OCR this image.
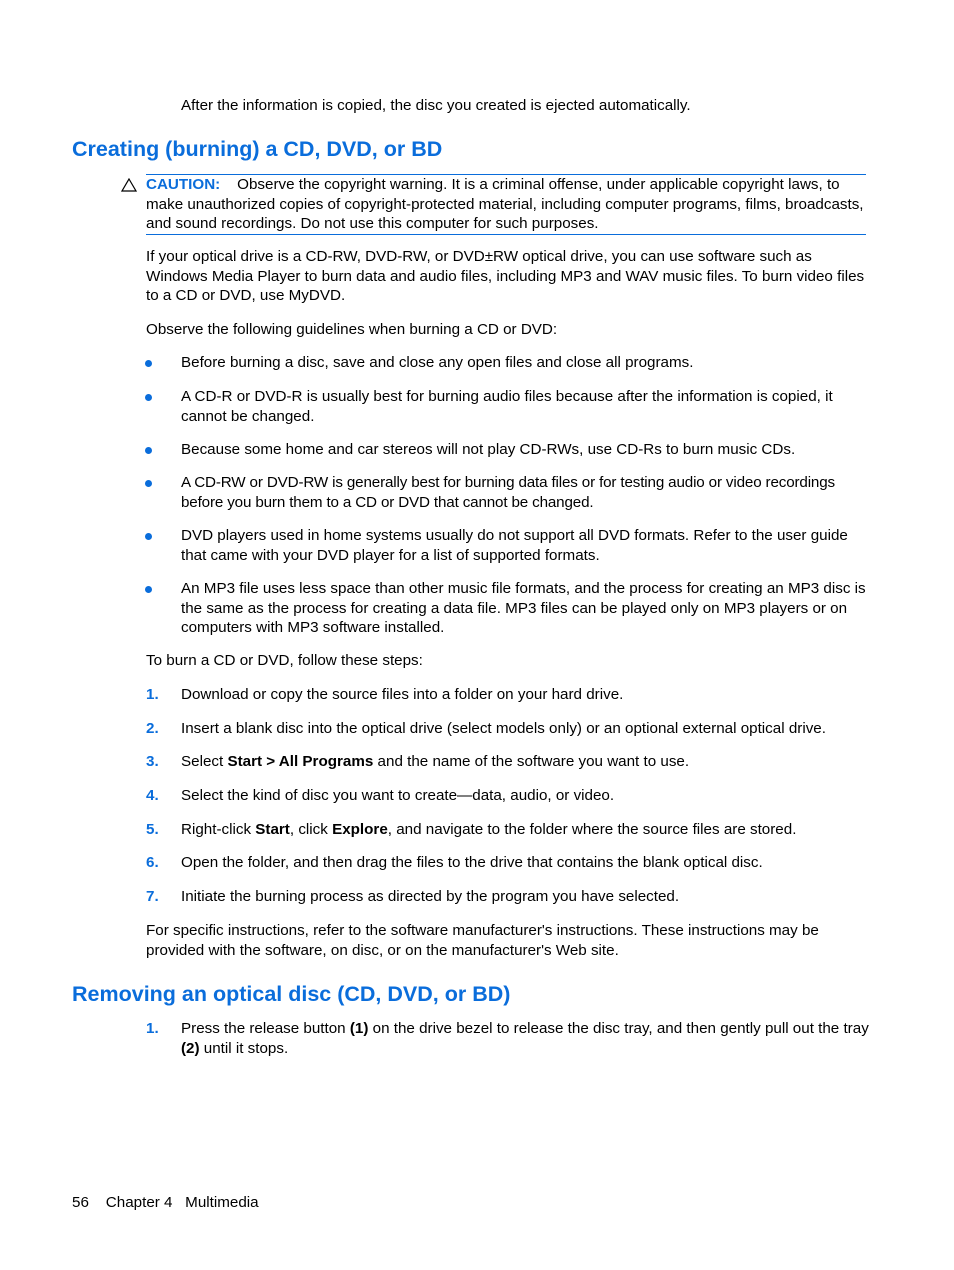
After the information is copied, the disc you created is ejected automatically.

Creating (burning) a CD, DVD, or BD

CAUTION: Observe the copyright warning. It is a criminal offense, under applicable copyright laws, to make unauthorized copies of copyright-protected material, including computer programs, films, broadcasts, and sound recordings. Do not use this computer for such purposes.

If your optical drive is a CD-RW, DVD-RW, or DVD±RW optical drive, you can use software such as Windows Media Player to burn data and audio files, including MP3 and WAV music files. To burn video files to a CD or DVD, use MyDVD.

Observe the following guidelines when burning a CD or DVD:

Before burning a disc, save and close any open files and close all programs.

A CD-R or DVD-R is usually best for burning audio files because after the information is copied, it cannot be changed.

Because some home and car stereos will not play CD-RWs, use CD-Rs to burn music CDs.

A CD-RW or DVD-RW is generally best for burning data files or for testing audio or video recordings before you burn them to a CD or DVD that cannot be changed.

DVD players used in home systems usually do not support all DVD formats. Refer to the user guide that came with your DVD player for a list of supported formats.

An MP3 file uses less space than other music file formats, and the process for creating an MP3 disc is the same as the process for creating a data file. MP3 files can be played only on MP3 players or on computers with MP3 software installed.

To burn a CD or DVD, follow these steps:

1. Download or copy the source files into a folder on your hard drive.

2. Insert a blank disc into the optical drive (select models only) or an optional external optical drive.

3. Select Start > All Programs and the name of the software you want to use.

4. Select the kind of disc you want to create—data, audio, or video.

5. Right-click Start, click Explore, and navigate to the folder where the source files are stored.

6. Open the folder, and then drag the files to the drive that contains the blank optical disc.

7. Initiate the burning process as directed by the program you have selected.

For specific instructions, refer to the software manufacturer's instructions. These instructions may be provided with the software, on disc, or on the manufacturer's Web site.

Removing an optical disc (CD, DVD, or BD)
1. Press the release button (1) on the drive bezel to release the disc tray, and then gently pull out the tray (2) until it stops.

56 Chapter 4 Multimedia
